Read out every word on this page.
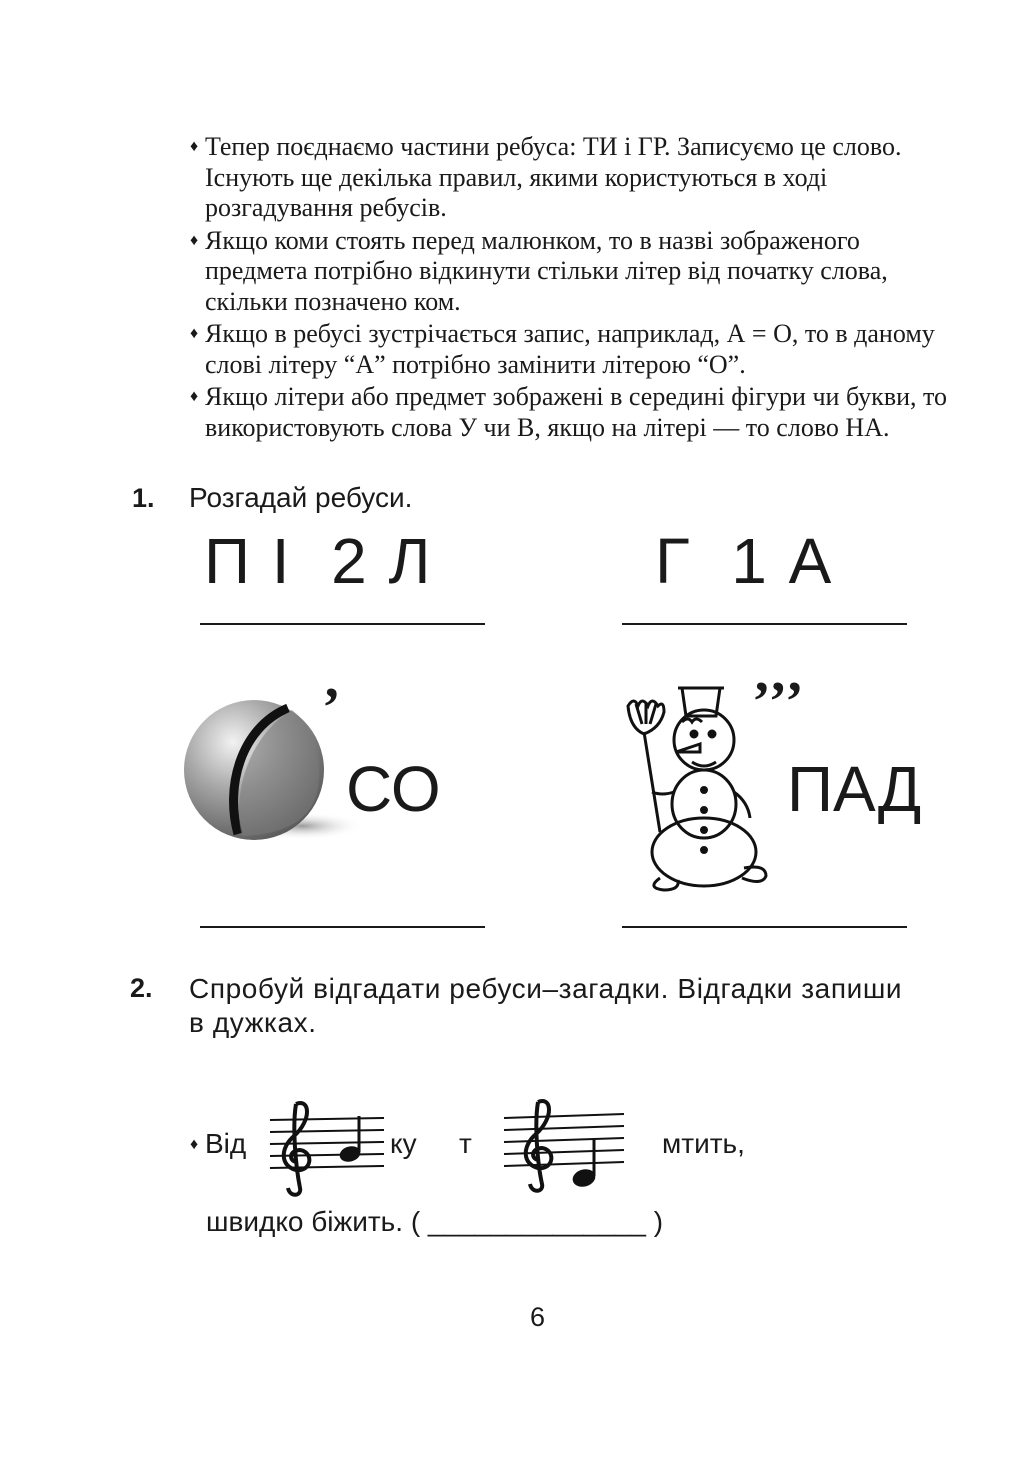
♦ Тепер поєднаємо частини ребуса: ТИ і ГР. Записуємо це слово. Існують ще декілька правил, якими користуються в ході розгадування ребусів.
♦ Якщо коми стоять перед малюнком, то в назві зображеного предмета потрібно відкинути стільки літер від початку слова, скільки позначено ком.
♦ Якщо в ребусі зустрічається запис, наприклад, А = О, то в даному слові літеру “А” потрібно замінити літерою “О”.
♦ Якщо літери або предмет зображені в середині фігури чи букви, то використовують слова У чи В, якщо на літері — то слово НА.
1. Розгадай ребуси.
П І  2 Л	Г  1 А
’
СО
’’’
ПАД
2. Спробуй відгадати ребуси–загадки. Відгадки запиши
в дужках.
♦ Від	ку т	мтить,
швидко біжить. ( ______________ )
6
